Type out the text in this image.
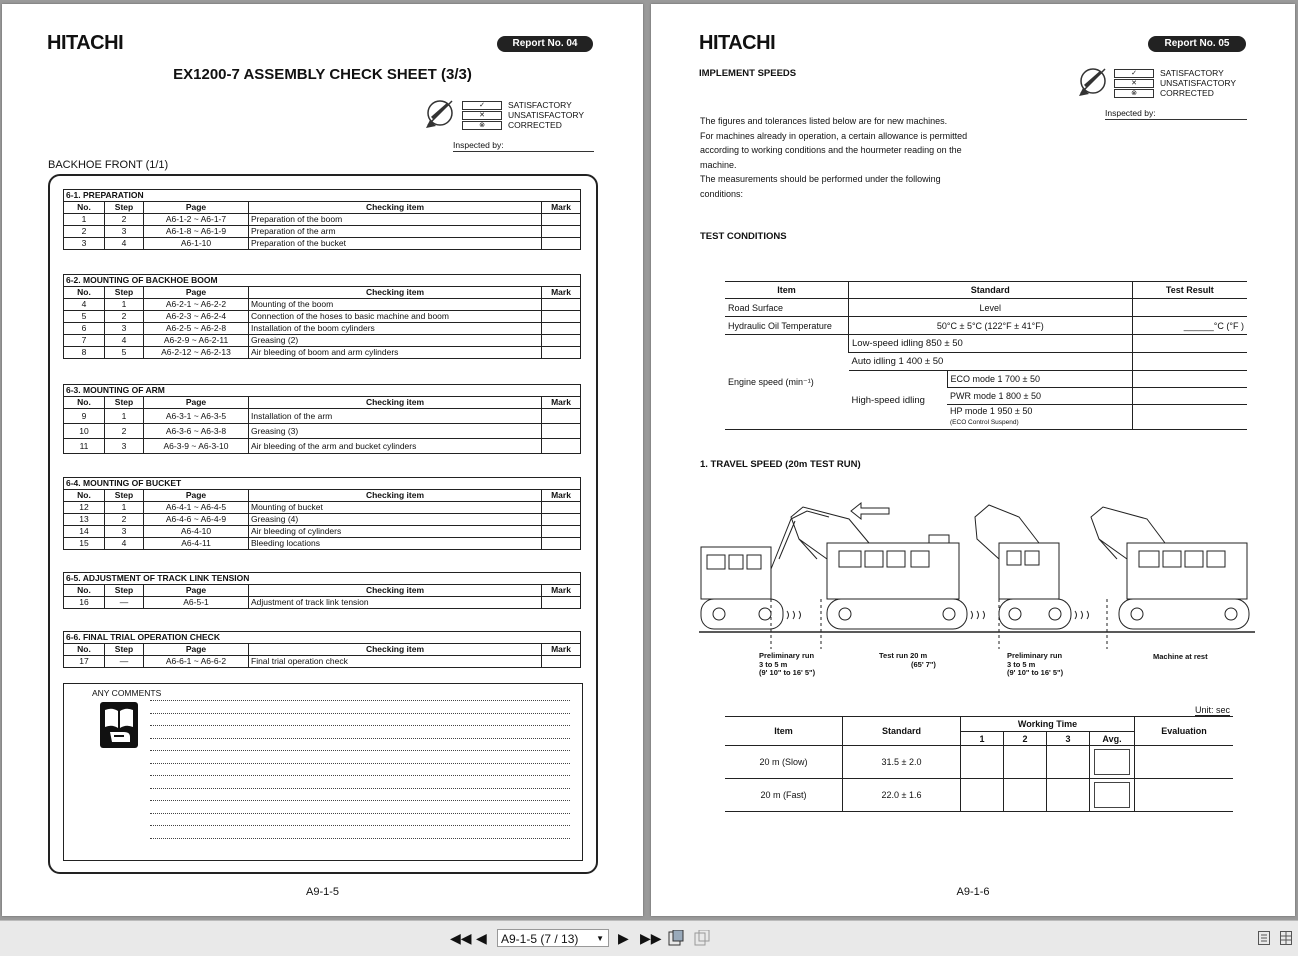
HITACHI	Report No. 04
EX1200-7 ASSEMBLY CHECK SHEET (3/3)
✓	SATISFACTORY
✕	UNSATISFACTORY
⊗	CORRECTED
Inspected by:
BACKHOE FRONT (1/1)
6-1. PREPARATION				
No.	Step	Page	Checking item	Mark
1	2	A6-1-2 ~ A6-1-7	Preparation of the boom	
2	3	A6-1-8 ~ A6-1-9	Preparation of the arm	
3	4	A6-1-10	Preparation of the bucket	
6-2. MOUNTING OF BACKHOE BOOM				
No.	Step	Page	Checking item	Mark
4	1	A6-2-1 ~ A6-2-2	Mounting of the boom	
5	2	A6-2-3 ~ A6-2-4	Connection of the hoses to basic machine and boom	
6	3	A6-2-5 ~ A6-2-8	Installation of the boom cylinders	
7	4	A6-2-9 ~ A6-2-11	Greasing (2)	
8	5	A6-2-12 ~ A6-2-13	Air bleeding of boom and arm cylinders	
6-3. MOUNTING OF ARM				
No.	Step	Page	Checking item	Mark
9	1	A6-3-1 ~ A6-3-5	Installation of the arm	
10	2	A6-3-6 ~ A6-3-8	Greasing (3)	
11	3	A6-3-9 ~ A6-3-10	Air bleeding of the arm and bucket cylinders	
6-4. MOUNTING OF BUCKET				
No.	Step	Page	Checking item	Mark
12	1	A6-4-1 ~ A6-4-5	Mounting of bucket	
13	2	A6-4-6 ~ A6-4-9	Greasing (4)	
14	3	A6-4-10	Air bleeding of cylinders	
15	4	A6-4-11	Bleeding locations	
6-5. ADJUSTMENT OF TRACK LINK TENSION				
No.	Step	Page	Checking item	Mark
16	—	A6-5-1	Adjustment of track link tension	
6-6. FINAL TRIAL OPERATION CHECK				
No.	Step	Page	Checking item	Mark
17	—	A6-6-1 ~ A6-6-2	Final trial operation check	
ANY COMMENTS
A9-1-5
HITACHI	Report No. 05
IMPLEMENT SPEEDS	✓	SATISFACTORY
✕	UNSATISFACTORY
⊗	CORRECTED
Inspected by:
The figures and tolerances listed below are for new machines.
For machines already in operation, a certain allowance is permitted
according to working conditions and the hourmeter reading on the
machine.
The measurements should be performed under the following
conditions:
TEST CONDITIONS
Item	Standard		Test Result
Road Surface	Level		
Hydraulic Oil Temperature	50°C ± 5°C (122°F ± 41°F)		______°C (°F )
Engine speed (min⁻¹)	Low-speed idling 850 ± 50		
	Auto idling 1 400 ± 50		
	High-speed idling	ECO mode 1 700 ± 50	
		PWR mode 1 800 ± 50	

		HP mode 1 950 ± 50
(ECO Control Suspend)	

1. TRAVEL SPEED (20m TEST RUN)
Preliminary run
3 to 5 m
(9' 10" to 16' 5")
Test run 20 m
(65' 7")
Preliminary run
3 to 5 m
(9' 10" to 16' 5")
Machine at rest
Unit: sec
Item	Standard	Working Time				Evaluation
		1	2	3	Avg.	
20 m (Slow)	31.5 ± 2.0				

20 m (Fast)	22.0 ± 1.6				

A9-1-6
◀◀ ◀	A9-1-5 (7 / 13) ▼ ▶ ▶▶
